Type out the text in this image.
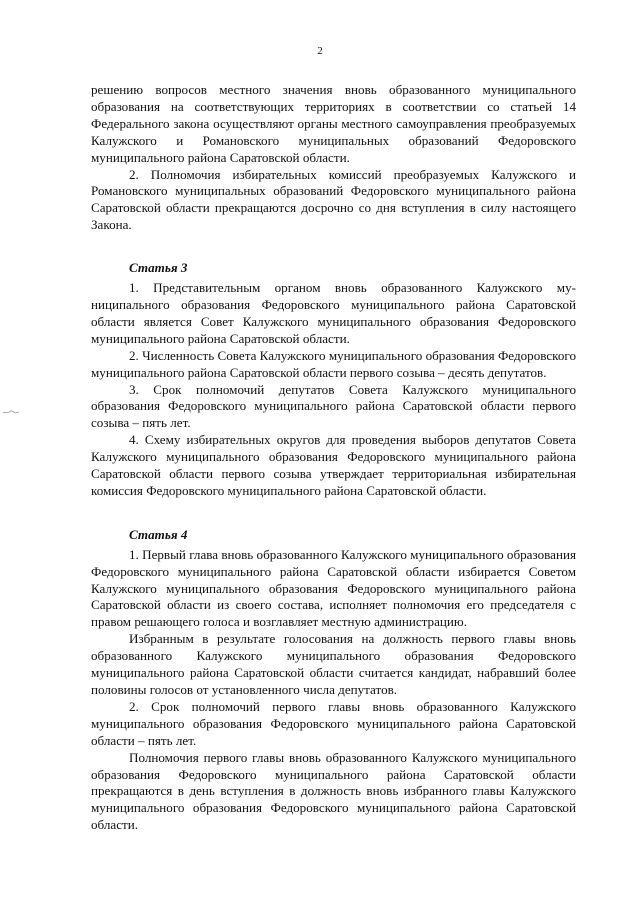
2

решению вопросов местного значения вновь образованного муниципального образования на соответствующих территориях в соответствии со статьей 14 Федерального закона осуществляют органы местного самоуправления преобразуемых Калужского и Романовского муниципальных образований Федоровского муниципального района Саратовской области.

2. Полномочия избирательных комиссий преобразуемых Калужского и Романовского муниципальных образований Федоровского муниципального района Саратовской области прекращаются досрочно со дня вступления в силу настоящего Закона.

Статья 3

1. Представительным органом вновь образованного Калужского муниципального образования Федоровского муниципального района Саратовской области является Совет Калужского муниципального образования Федоровского муниципального района Саратовской области.

2. Численность Совета Калужского муниципального образования Федоровского муниципального района Саратовской области первого созыва – десять депутатов.

3. Срок полномочий депутатов Совета Калужского муниципального образования Федоровского муниципального района Саратовской области первого созыва – пять лет.

4. Схему избирательных округов для проведения выборов депутатов Совета Калужского муниципального образования Федоровского муниципального района Саратовской области первого созыва утверждает территориальная избирательная комиссия Федоровского муниципального района Саратовской области.

Статья 4

1. Первый глава вновь образованного Калужского муниципального образования Федоровского муниципального района Саратовской области избирается Советом Калужского муниципального образования Федоровского муниципального района Саратовской области из своего состава, исполняет полномочия его председателя с правом решающего голоса и возглавляет местную администрацию.

Избранным в результате голосования на должность первого главы вновь образованного Калужского муниципального образования Федоровского муниципального района Саратовской области считается кандидат, набравший более половины голосов от установленного числа депутатов.

2. Срок полномочий первого главы вновь образованного Калужского муниципального образования Федоровского муниципального района Саратовской области – пять лет.

Полномочия первого главы вновь образованного Калужского муниципального образования Федоровского муниципального района Саратовской области прекращаются в день вступления в должность вновь избранного главы Калужского муниципального образования Федоровского муниципального района Саратовской области.
